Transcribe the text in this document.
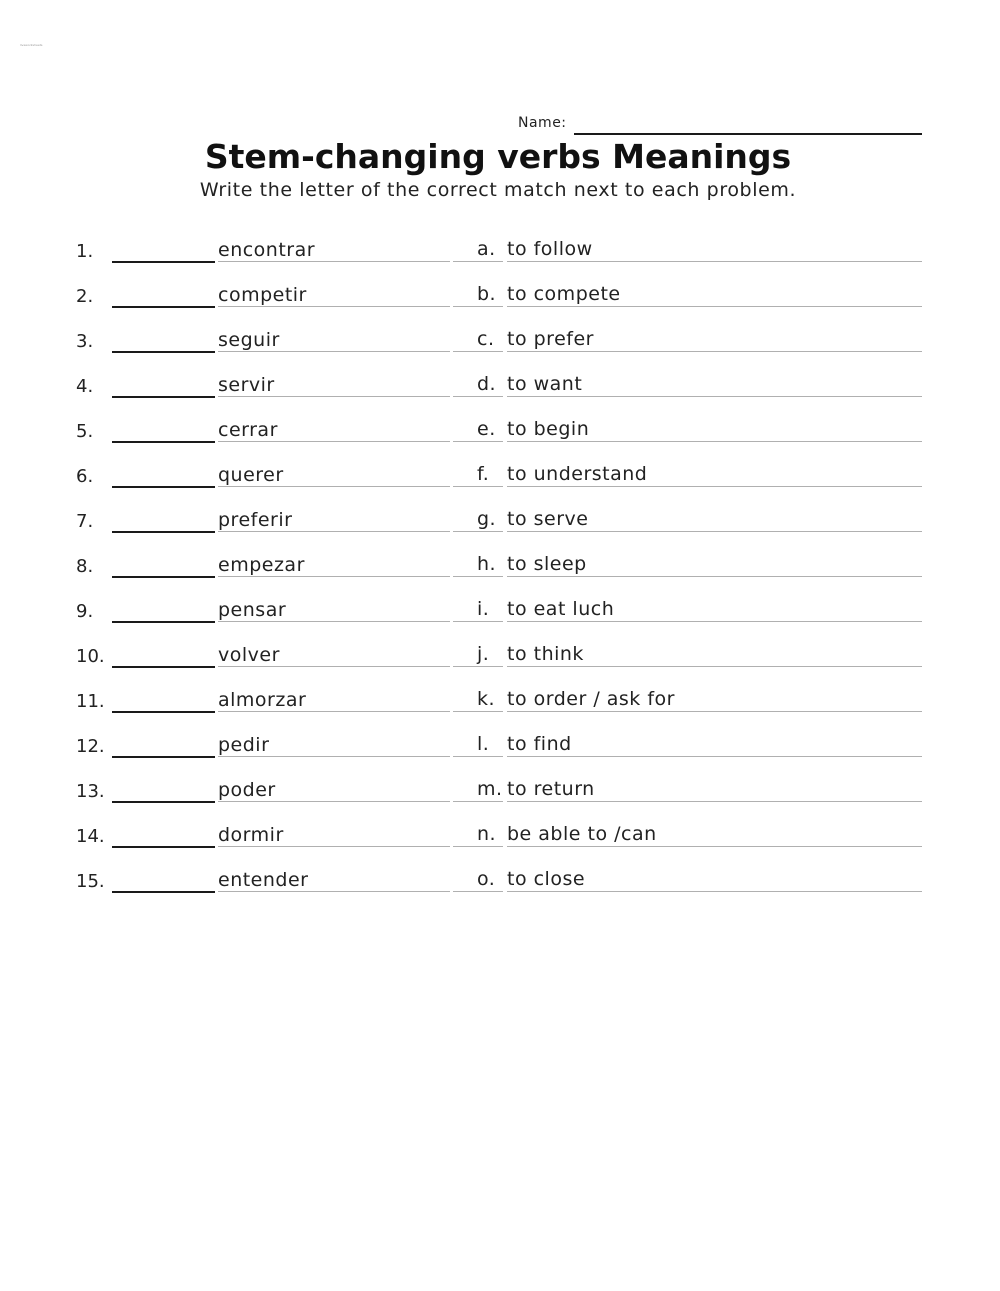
liveworksheets
Name:
Stem-changing verbs Meanings
Write the letter of the correct match next to each problem.
1.	encontrar	a. to follow
2.	competir	b. to compete
3.	seguir	c. to prefer
4.	servir	d. to want
5.	cerrar	e. to begin
6.	querer	f. to understand
7.	preferir	g. to serve
8.	empezar	h. to sleep
9.	pensar	i. to eat luch
10.	volver	j. to think
11.	almorzar	k. to order / ask for
12.	pedir	l. to find
13.	poder	m. to return
14.	dormir	n. be able to /can
15.	entender	o. to close
